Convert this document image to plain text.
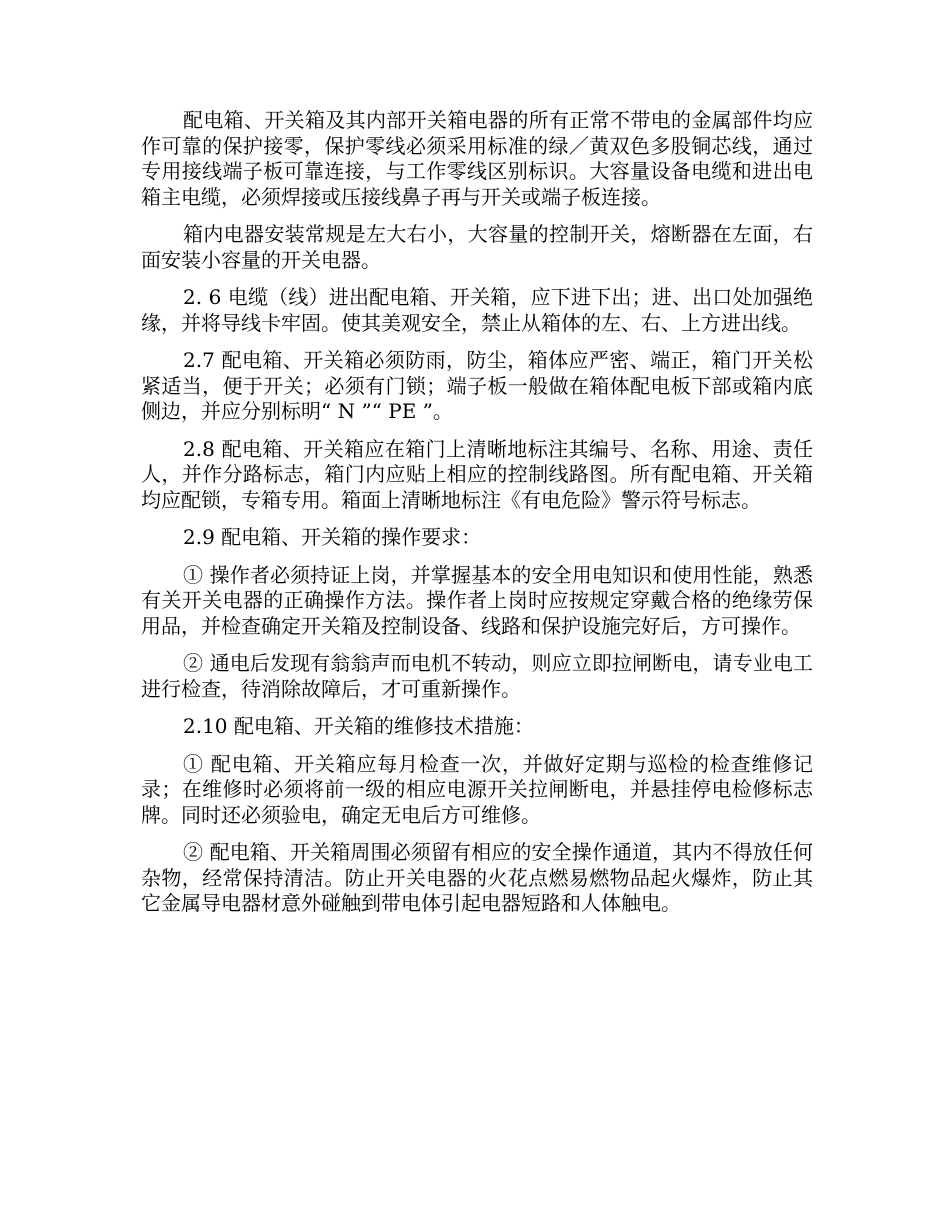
配电箱、开关箱及其内部开关箱电器的所有正常不带电的金属部件均应作可靠的保护接零，保护零线必须采用标准的绿／黄双色多股铜芯线，通过专用接线端子板可靠连接，与工作零线区别标识。大容量设备电缆和进出电箱主电缆，必须焊接或压接线鼻子再与开关或端子板连接。

箱内电器安装常规是左大右小，大容量的控制开关，熔断器在左面，右面安装小容量的开关电器。

2. 6 电缆（线）进出配电箱、开关箱，应下进下出；进、出口处加强绝缘，并将导线卡牢固。使其美观安全，禁止从箱体的左、右、上方进出线。

2.7 配电箱、开关箱必须防雨，防尘，箱体应严密、端正，箱门开关松紧适当，便于开关；必须有门锁；端子板一般做在箱体配电板下部或箱内底侧边，并应分别标明“ N ”“ PE ”。

2.8 配电箱、开关箱应在箱门上清晰地标注其编号、名称、用途、责任人，并作分路标志，箱门内应贴上相应的控制线路图。所有配电箱、开关箱均应配锁，专箱专用。箱面上清晰地标注《有电危险》警示符号标志。

2.9 配电箱、开关箱的操作要求：

① 操作者必须持证上岗，并掌握基本的安全用电知识和使用性能，熟悉有关开关电器的正确操作方法。操作者上岗时应按规定穿戴合格的绝缘劳保用品，并检查确定开关箱及控制设备、线路和保护设施完好后，方可操作。

② 通电后发现有翁翁声而电机不转动，则应立即拉闸断电，请专业电工进行检查，待消除故障后，才可重新操作。

2.10 配电箱、开关箱的维修技术措施：

① 配电箱、开关箱应每月检查一次，并做好定期与巡检的检查维修记录；在维修时必须将前一级的相应电源开关拉闸断电，并悬挂停电检修标志牌。同时还必须验电，确定无电后方可维修。

② 配电箱、开关箱周围必须留有相应的安全操作通道，其内不得放任何杂物，经常保持清洁。防止开关电器的火花点燃易燃物品起火爆炸，防止其它金属导电器材意外碰触到带电体引起电器短路和人体触电。
